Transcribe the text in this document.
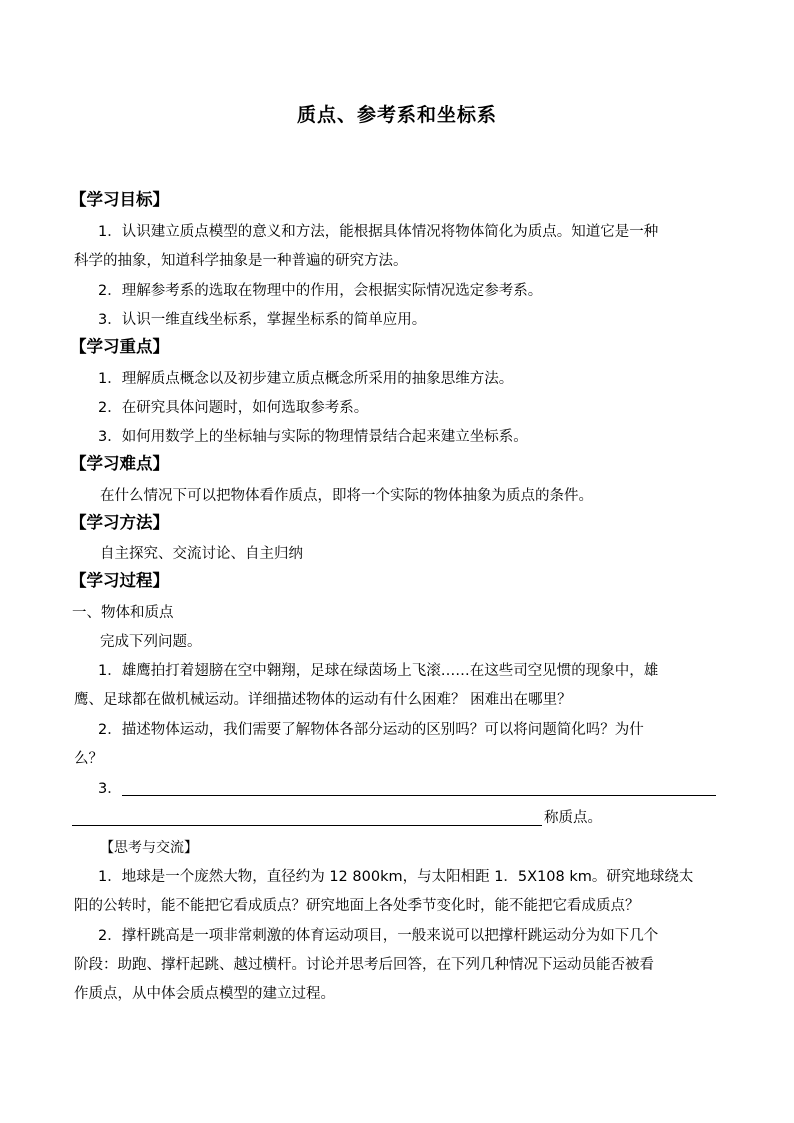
质点、参考系和坐标系
【学习目标】
1．认识建立质点模型的意义和方法，能根据具体情况将物体简化为质点。知道它是一种
科学的抽象，知道科学抽象是一种普遍的研究方法。
2．理解参考系的选取在物理中的作用，会根据实际情况选定参考系。
3．认识一维直线坐标系，掌握坐标系的简单应用。
【学习重点】
1．理解质点概念以及初步建立质点概念所采用的抽象思维方法。
2．在研究具体问题时，如何选取参考系。
3．如何用数学上的坐标轴与实际的物理情景结合起来建立坐标系。
【学习难点】
在什么情况下可以把物体看作质点，即将一个实际的物体抽象为质点的条件。
【学习方法】
自主探究、交流讨论、自主归纳
【学习过程】
一、物体和质点
完成下列问题。
1．雄鹰拍打着翅膀在空中翱翔，足球在绿茵场上飞滚……在这些司空见惯的现象中，雄
鹰、足球都在做机械运动。详细描述物体的运动有什么困难？ 困难出在哪里？
2．描述物体运动，我们需要了解物体各部分运动的区别吗？可以将问题简化吗？为什
么？
3．
称质点。
【思考与交流】
1．地球是一个庞然大物，直径约为 12 800km，与太阳相距 1．5X108 km。研究地球绕太
阳的公转时，能不能把它看成质点？研究地面上各处季节变化时，能不能把它看成质点？
2．撑杆跳高是一项非常刺激的体育运动项目，一般来说可以把撑杆跳运动分为如下几个
阶段：助跑、撑杆起跳、越过横杆。讨论并思考后回答，在下列几种情况下运动员能否被看
作质点，从中体会质点模型的建立过程。
